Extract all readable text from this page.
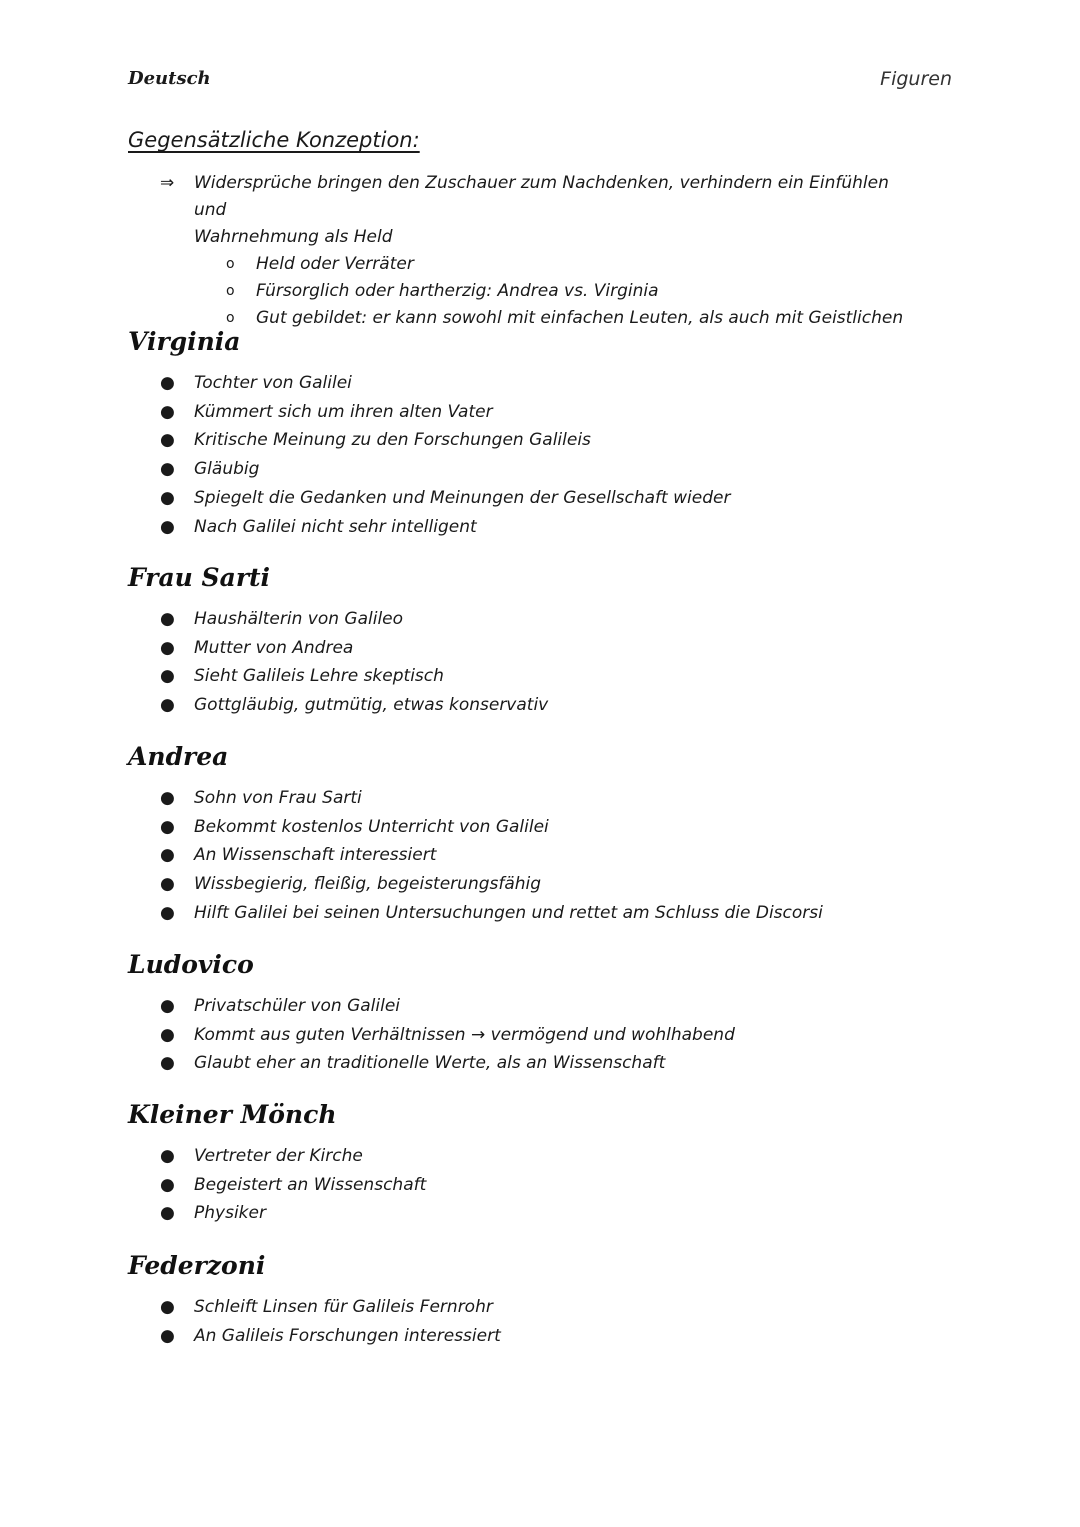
Deutsch	Figuren
Gegensätzliche Konzeption:
⇒	Widersprüche bringen den Zuschauer zum Nachdenken, verhindern ein Einfühlen und
Wahrnehmung als Held
o	Held oder Verräter
o	Fürsorglich oder hartherzig: Andrea vs. Virginia
o	Gut gebildet: er kann sowohl mit einfachen Leuten, als auch mit Geistlichen
Virginia
●	Tochter von Galilei
●	Kümmert sich um ihren alten Vater
●	Kritische Meinung zu den Forschungen Galileis
●	Gläubig
●	Spiegelt die Gedanken und Meinungen der Gesellschaft wieder
●	Nach Galilei nicht sehr intelligent
Frau Sarti
●	Haushälterin von Galileo
●	Mutter von Andrea
●	Sieht Galileis Lehre skeptisch
●	Gottgläubig, gutmütig, etwas konservativ
Andrea
●	Sohn von Frau Sarti
●	Bekommt kostenlos Unterricht von Galilei
●	An Wissenschaft interessiert
●	Wissbegierig, fleißig, begeisterungsfähig
●	Hilft Galilei bei seinen Untersuchungen und rettet am Schluss die Discorsi
Ludovico
●	Privatschüler von Galilei
●	Kommt aus guten Verhältnissen → vermögend und wohlhabend
●	Glaubt eher an traditionelle Werte, als an Wissenschaft
Kleiner Mönch
●	Vertreter der Kirche
●	Begeistert an Wissenschaft
●	Physiker
Federzoni
●	Schleift Linsen für Galileis Fernrohr
●	An Galileis Forschungen interessiert
